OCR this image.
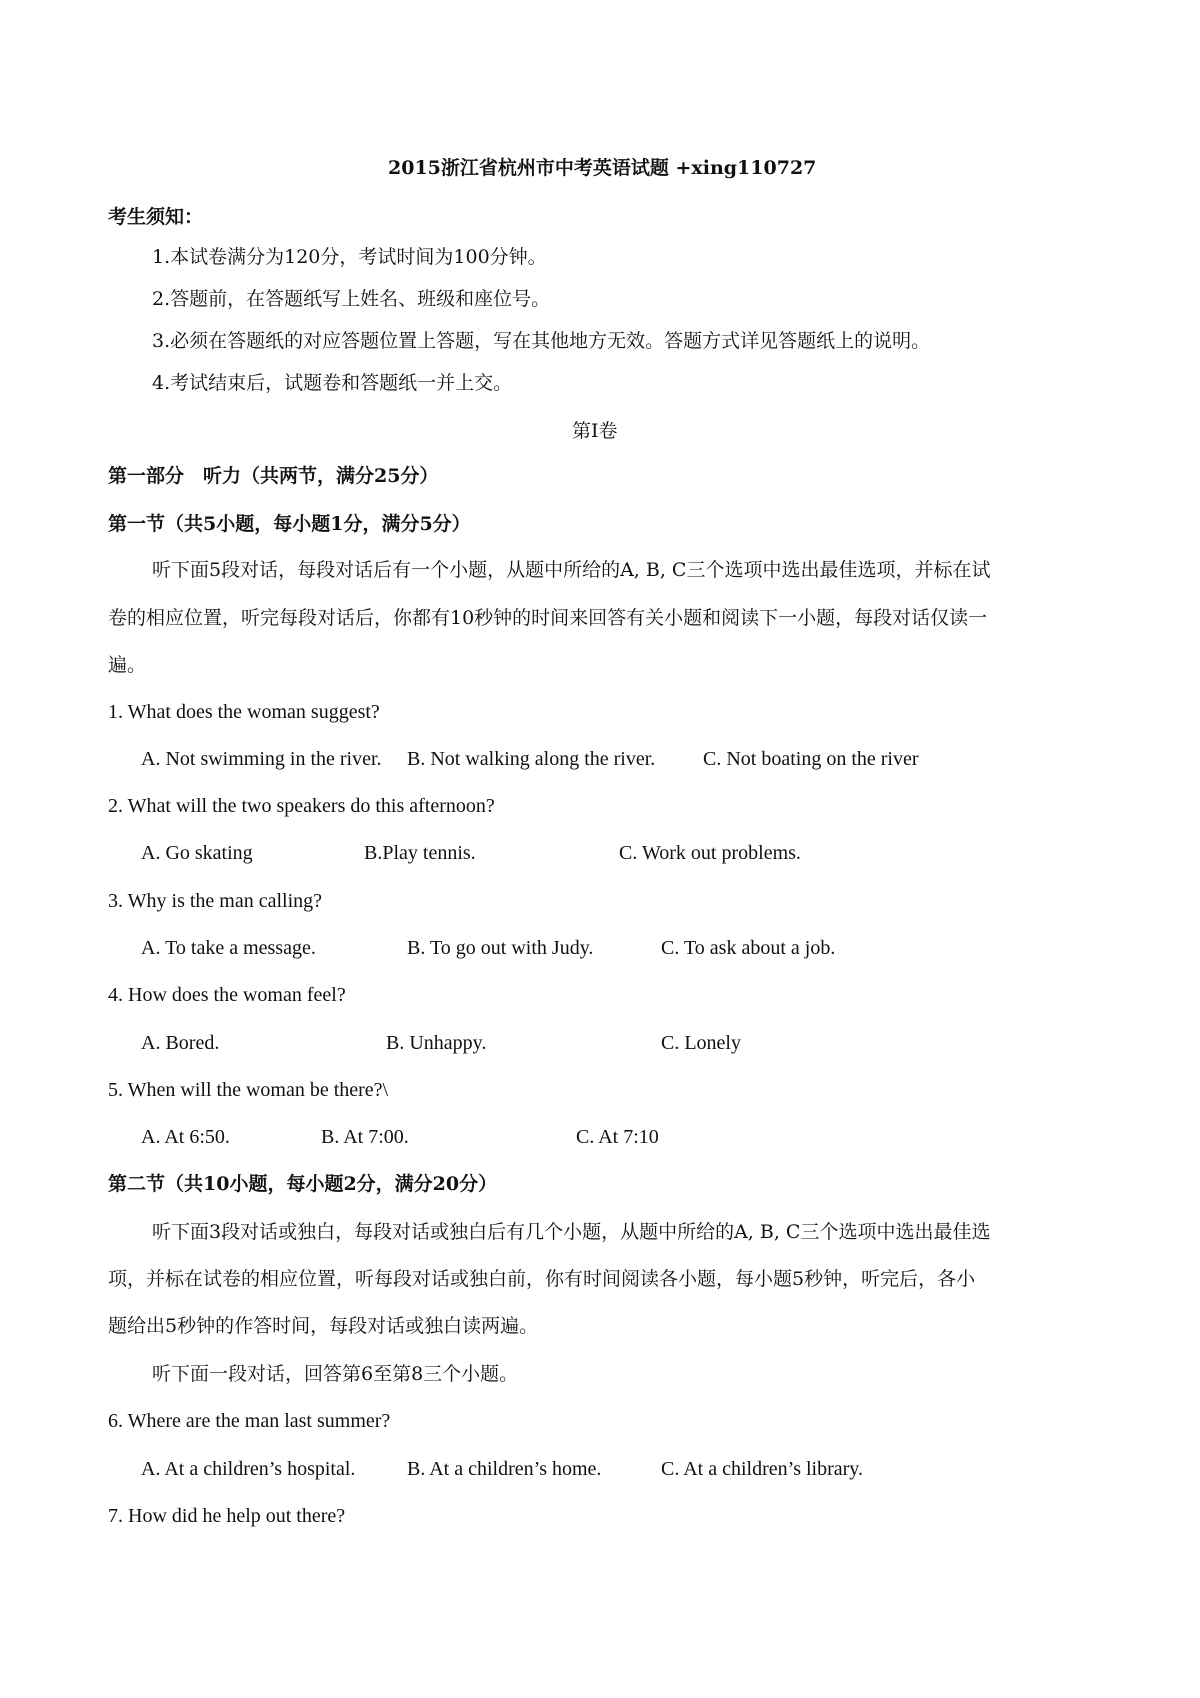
2015浙江省杭州市中考英语试题 +xing110727
考生须知：
1.本试卷满分为120分，考试时间为100分钟。
2.答题前，在答题纸写上姓名、班级和座位号。
3.必须在答题纸的对应答题位置上答题，写在其他地方无效。答题方式详见答题纸上的说明。
4.考试结束后，试题卷和答题纸一并上交。
第I卷
第一部分　听力（共两节，满分25分）
第一节（共5小题，每小题1分，满分5分）
听下面5段对话，每段对话后有一个小题，从题中所给的A, B, C三个选项中选出最佳选项，并标在试
卷的相应位置，听完每段对话后，你都有10秒钟的时间来回答有关小题和阅读下一小题，每段对话仅读一
遍。
1. What does the woman suggest?
A. Not swimming in the river. B. Not walking along the river. C. Not boating on the river
2. What will the two speakers do this afternoon?
A. Go skating	B.Play tennis.	C. Work out problems.
3. Why is the man calling?
A. To take a message.	B. To go out with Judy.	C. To ask about a job.
4. How does the woman feel?
A. Bored.	B. Unhappy.	C. Lonely
5. When will the woman be there?\
A. At 6:50.	B. At 7:00.	C. At 7:10
第二节（共10小题，每小题2分，满分20分）
听下面3段对话或独白，每段对话或独白后有几个小题，从题中所给的A, B, C三个选项中选出最佳选
项，并标在试卷的相应位置，听每段对话或独白前，你有时间阅读各小题，每小题5秒钟，听完后，各小
题给出5秒钟的作答时间，每段对话或独白读两遍。
听下面一段对话，回答第6至第8三个小题。
6. Where are the man last summer?
A. At a children’s hospital.	B. At a children’s home.	C. At a children’s library.
7. How did he help out there?
